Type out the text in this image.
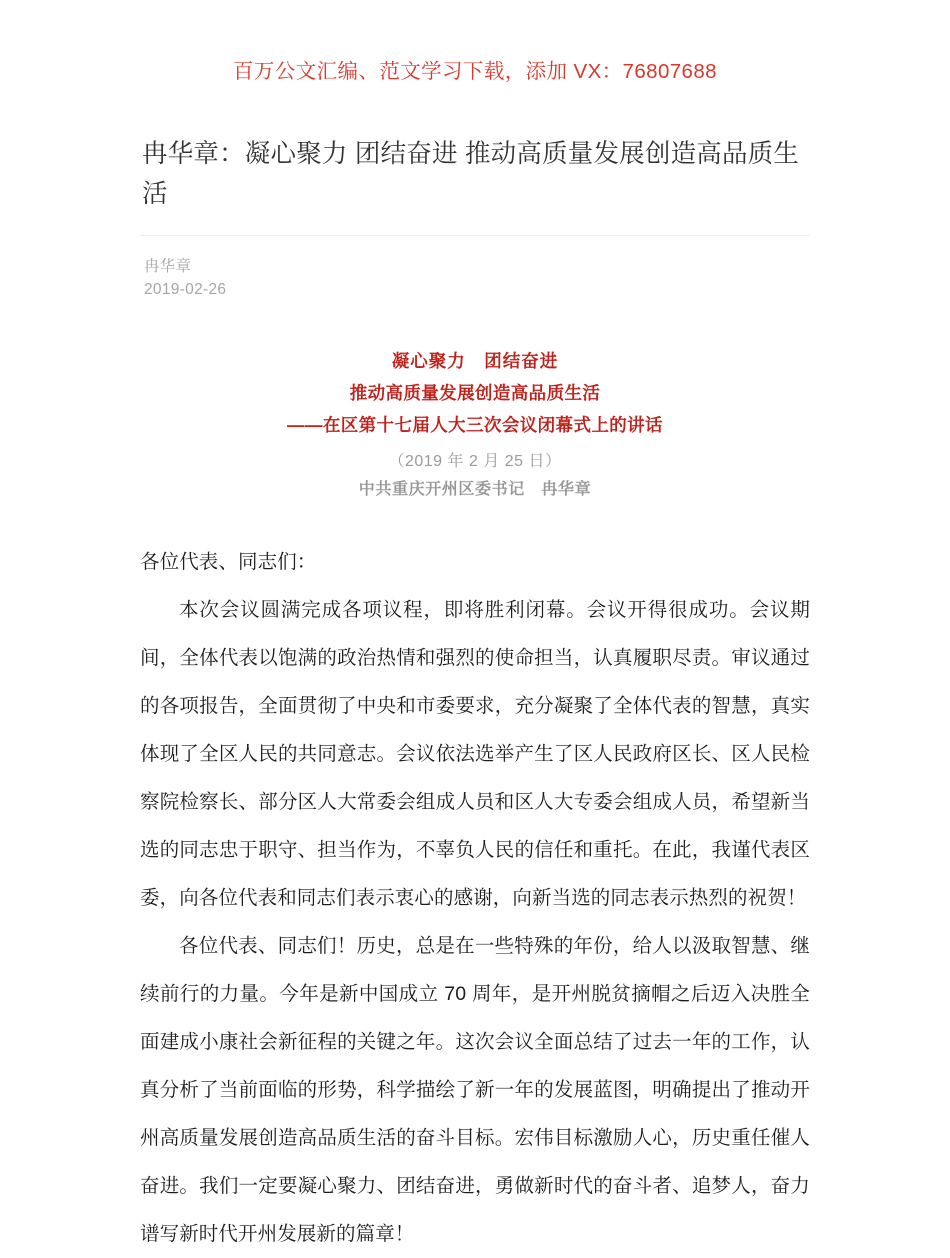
百万公文汇编、范文学习下载，添加 VX：76807688
冉华章：凝心聚力 团结奋进 推动高质量发展创造高品质生活
冉华章
2019-02-26
凝心聚力　团结奋进
推动高质量发展创造高品质生活
——在区第十七届人大三次会议闭幕式上的讲话
（2019 年 2 月 25 日）
中共重庆开州区委书记　冉华章

各位代表、同志们：

本次会议圆满完成各项议程，即将胜利闭幕。会议开得很成功。会议期间，全体代表以饱满的政治热情和强烈的使命担当，认真履职尽责。审议通过的各项报告，全面贯彻了中央和市委要求，充分凝聚了全体代表的智慧，真实体现了全区人民的共同意志。会议依法选举产生了区人民政府区长、区人民检察院检察长、部分区人大常委会组成人员和区人大专委会组成人员，希望新当选的同志忠于职守、担当作为，不辜负人民的信任和重托。在此，我谨代表区委，向各位代表和同志们表示衷心的感谢，向新当选的同志表示热烈的祝贺！

各位代表、同志们！历史，总是在一些特殊的年份，给人以汲取智慧、继续前行的力量。今年是新中国成立 70 周年，是开州脱贫摘帽之后迈入决胜全面建成小康社会新征程的关键之年。这次会议全面总结了过去一年的工作，认真分析了当前面临的形势，科学描绘了新一年的发展蓝图，明确提出了推动开州高质量发展创造高品质生活的奋斗目标。宏伟目标激励人心，历史重任催人奋进。我们一定要凝心聚力、团结奋进，勇做新时代的奋斗者、追梦人，奋力谱写新时代开州发展新的篇章！
